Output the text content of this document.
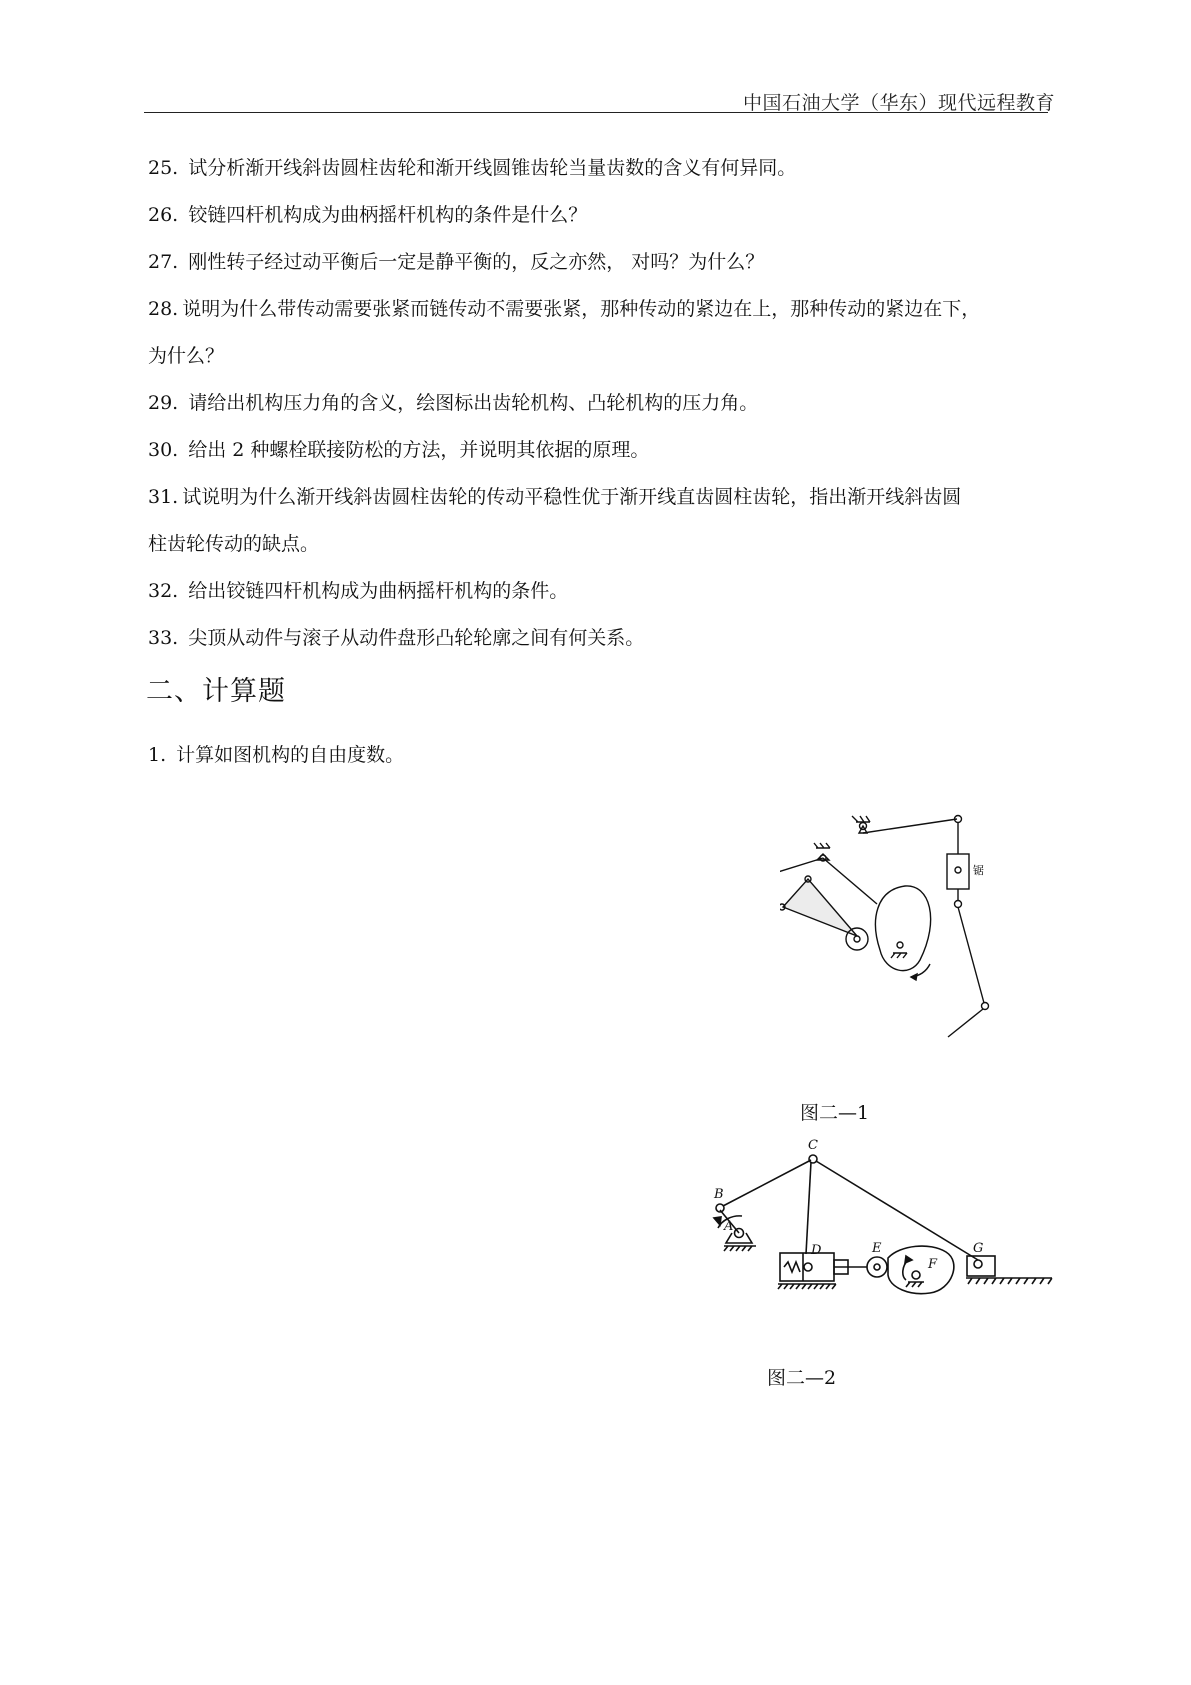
中国石油大学（华东）现代远程教育
25. 试分析渐开线斜齿圆柱齿轮和渐开线圆锥齿轮当量齿数的含义有何异同。
26. 铰链四杆机构成为曲柄摇杆机构的条件是什么？
27. 刚性转子经过动平衡后一定是静平衡的，反之亦然， 对吗？为什么？
28. 说明为什么带传动需要张紧而链传动不需要张紧，那种传动的紧边在上，那种传动的紧边在下，
为什么？
29. 请给出机构压力角的含义，绘图标出齿轮机构、凸轮机构的压力角。
30. 给出 2 种螺栓联接防松的方法，并说明其依据的原理。
31. 试说明为什么渐开线斜齿圆柱齿轮的传动平稳性优于渐开线直齿圆柱齿轮，指出渐开线斜齿圆
柱齿轮传动的缺点。
32. 给出铰链四杆机构成为曲柄摇杆机构的条件。
33. 尖顶从动件与滚子从动件盘形凸轮轮廓之间有何关系。
二、计算题
1. 计算如图机构的自由度数。
锯
图二—1
A
B
C
D	E
F
G
图二—2
